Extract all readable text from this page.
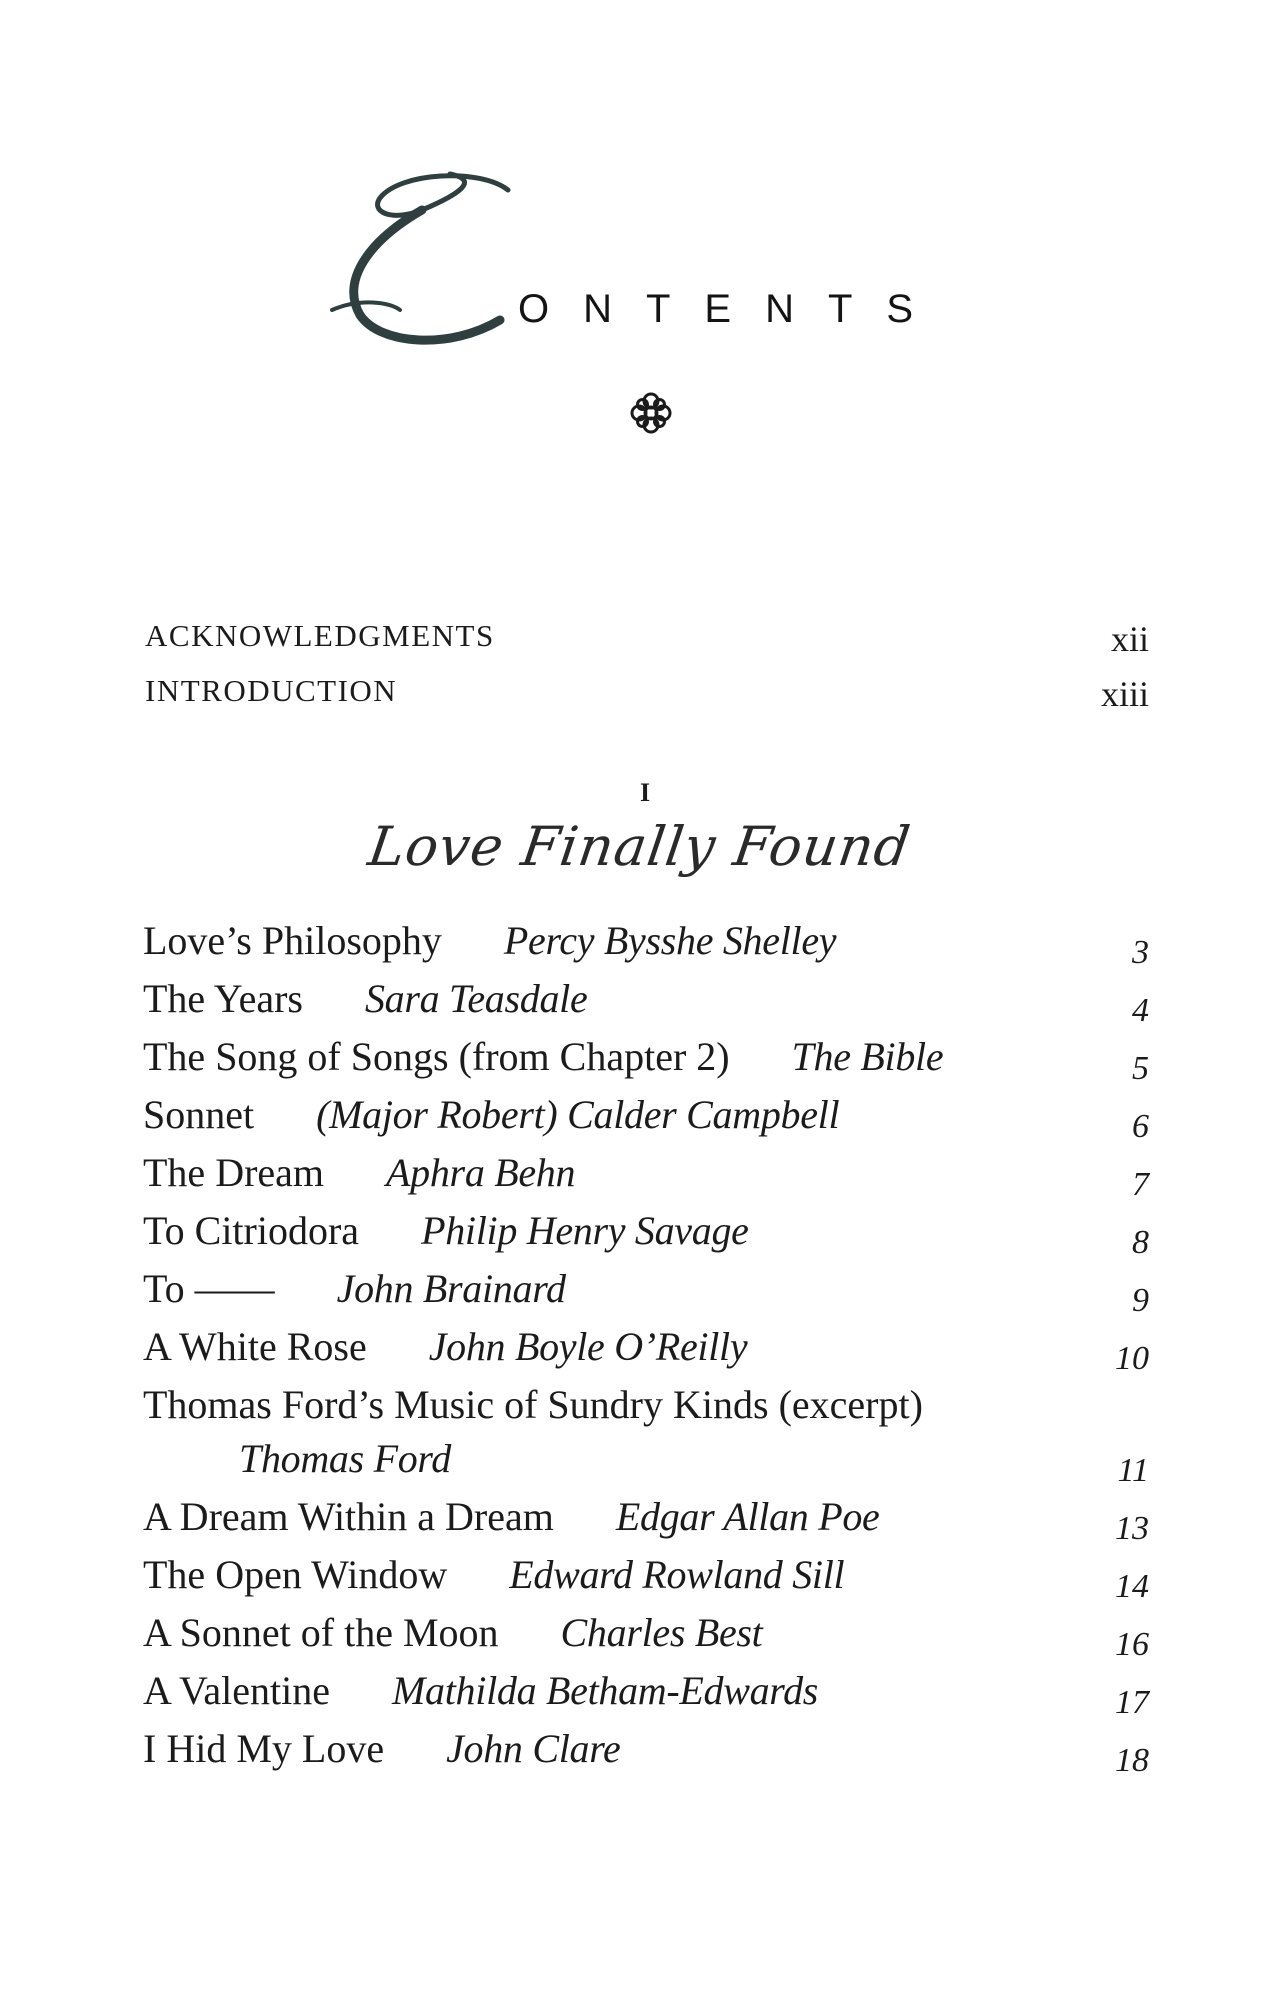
ONTENTS
ACKNOWLEDGMENTS	xii
INTRODUCTION	xiii
I
Love Finally Found
Love’s Philosophy Percy Bysshe Shelley	3
The Years Sara Teasdale	4
The Song of Songs (from Chapter 2) The Bible	5
Sonnet (Major Robert) Calder Campbell	6
The Dream Aphra Behn	7
To Citriodora Philip Henry Savage	8
To —— John Brainard	9
A White Rose John Boyle O’Reilly	10
Thomas Ford’s Music of Sundry Kinds (excerpt)
Thomas Ford	11
A Dream Within a Dream Edgar Allan Poe	13
The Open Window Edward Rowland Sill	14
A Sonnet of the Moon Charles Best	16
A Valentine Mathilda Betham-Edwards	17
I Hid My Love John Clare	18
